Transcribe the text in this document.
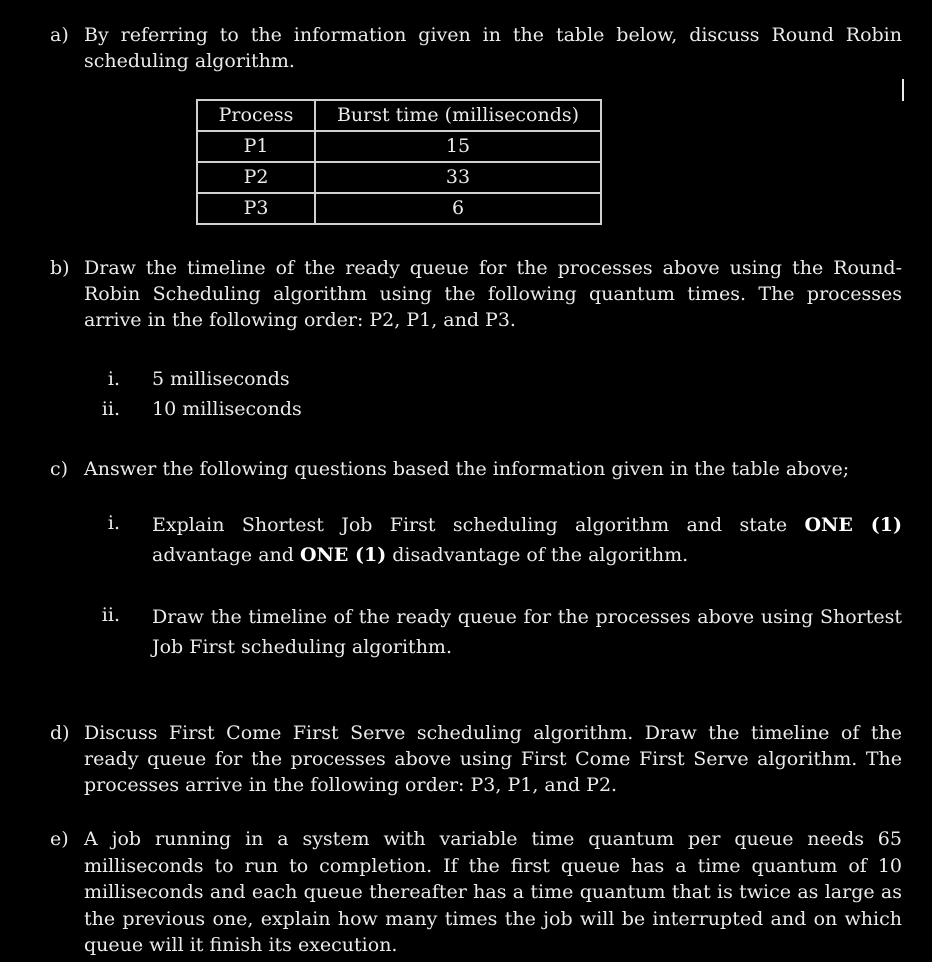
a) By referring to the information given in the table below, discuss Round Robin scheduling algorithm.
Process	Burst time (milliseconds)
P1	15
P2	33
P3	6
b) Draw the timeline of the ready queue for the processes above using the Round-Robin Scheduling algorithm using the following quantum times. The processes arrive in the following order: P2, P1, and P3.
i. 5 milliseconds
ii. 10 milliseconds
c) Answer the following questions based the information given in the table above;
i. Explain Shortest Job First scheduling algorithm and state ONE (1) advantage and ONE (1) disadvantage of the algorithm.
ii. Draw the timeline of the ready queue for the processes above using Shortest Job First scheduling algorithm.
d) Discuss First Come First Serve scheduling algorithm. Draw the timeline of the ready queue for the processes above using First Come First Serve algorithm. The processes arrive in the following order: P3, P1, and P2.
e) A job running in a system with variable time quantum per queue needs 65 milliseconds to run to completion. If the first queue has a time quantum of 10 milliseconds and each queue thereafter has a time quantum that is twice as large as the previous one, explain how many times the job will be interrupted and on which queue will it finish its execution.
